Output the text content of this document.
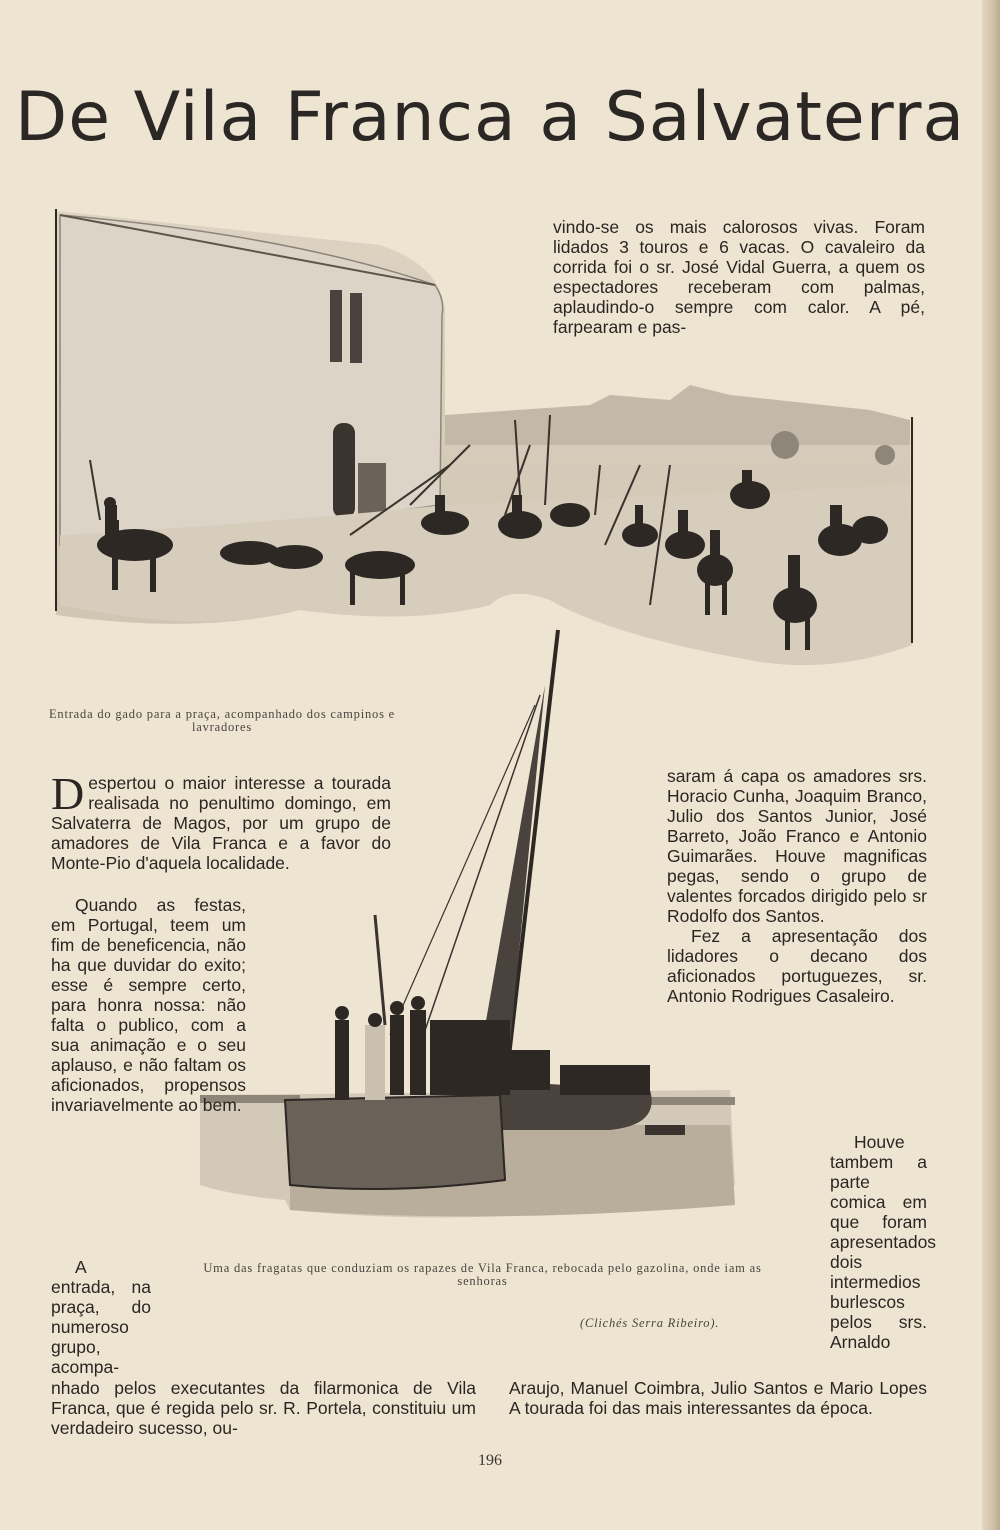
De Vila Franca a Salvaterra

vindo-se os mais calorosos vivas. Foram lidados 3 touros e 6 vacas. O cavaleiro da corrida foi o sr. José Vidal Guerra, a quem os espectadores receberam com palmas, aplaudindo-o sempre com calor. A pé, farpearam e pas-

Entrada do gado para a praça, acompanhado dos campinos e lavradores

Uma das fragatas que conduziam os rapazes de Vila Franca, rebocada pelo gazolina, onde iam as senhoras

(Clichés Serra Ribeiro).

D espertou o maior interesse a tourada realisada no penultimo domingo, em Salvaterra de Magos, por um grupo de amadores de Vila Franca e a favor do Monte-Pio d'aquela localidade.

Quando as festas, em Portugal, teem um fim de beneficencia, não ha que duvidar do exito; esse é sempre certo, para honra nossa: não falta o publico, com a sua animação e o seu aplauso, e não faltam os aficionados, propensos invariavelmente ao bem.

A entrada, na praça, do numeroso grupo, acompa-

saram á capa os amadores srs. Horacio Cunha, Joaquim Branco, Julio dos Santos Junior, José Barreto, João Franco e Antonio Guimarães. Houve magnificas pegas, sendo o grupo de valentes forcados dirigido pelo sr Rodolfo dos Santos.

Fez a apresentação dos lidadores o decano dos aficionados portuguezes, sr. Antonio Rodrigues Casaleiro.

Houve tambem a parte comica em que foram apresentados dois intermedios burlescos pelos srs. Arnaldo

nhado pelos executantes da filarmonica de Vila Franca, que é regida pelo sr. R. Portela, constituiu um verdadeiro sucesso, ou-

Araujo, Manuel Coimbra, Julio Santos e Mario Lopes A tourada foi das mais interessantes da época.

196
